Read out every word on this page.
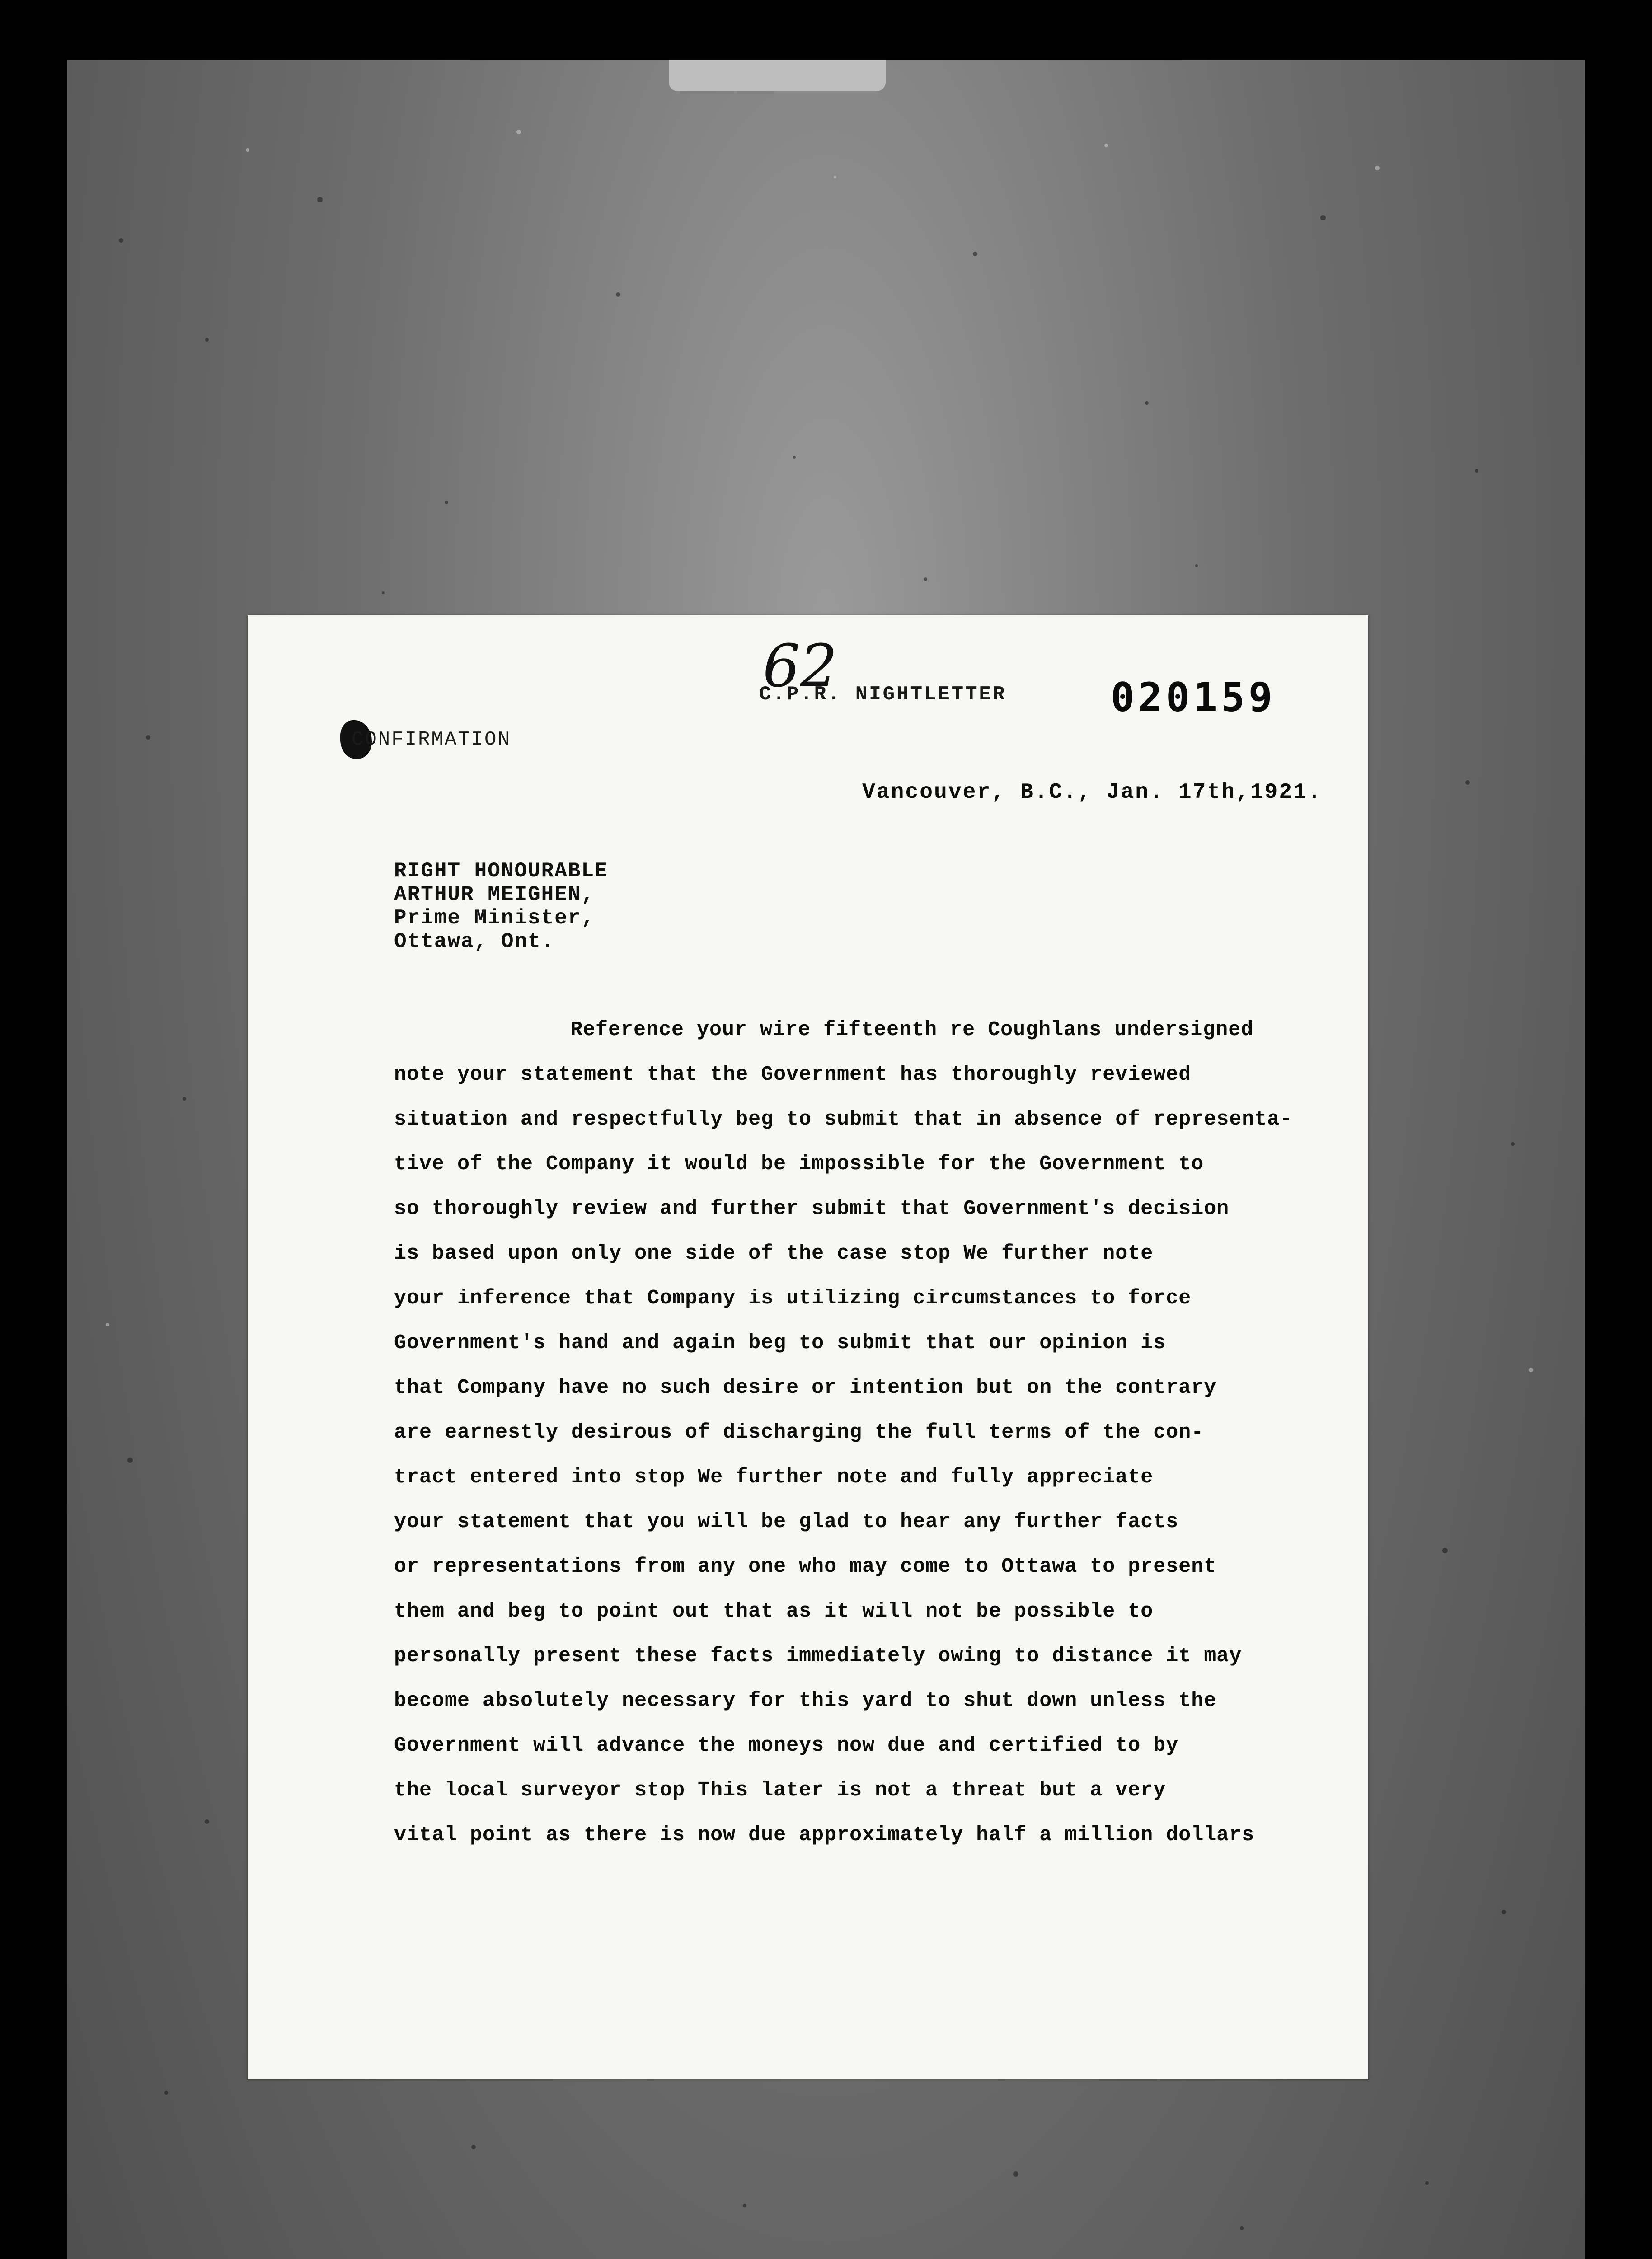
62
C.P.R. NIGHTLETTER	020159
CONFIRMATION
Vancouver, B.C., Jan. 17th,1921.
RIGHT HONOURABLE
ARTHUR MEIGHEN,
Prime Minister,
Ottawa, Ont.
Reference your wire fifteenth re Coughlans undersigned
note your statement that the Government has thoroughly reviewed
situation and respectfully beg to submit that in absence of representa-
tive of the Company it would be impossible for the Government to
so thoroughly review and further submit that Government's decision
is based upon only one side of the case stop We further note
your inference that Company is utilizing circumstances to force
Government's hand and again beg to submit that our opinion is
that Company have no such desire or intention but on the contrary
are earnestly desirous of discharging the full terms of the con-
tract entered into stop We further note and fully appreciate
your statement that you will be glad to hear any further facts
or representations from any one who may come to Ottawa to present
them and beg to point out that as it will not be possible to
personally present these facts immediately owing to distance it may
become absolutely necessary for this yard to shut down unless the
Government will advance the moneys now due and certified to by
the local surveyor stop This later is not a threat but a very
vital point as there is now due approximately half a million dollars
